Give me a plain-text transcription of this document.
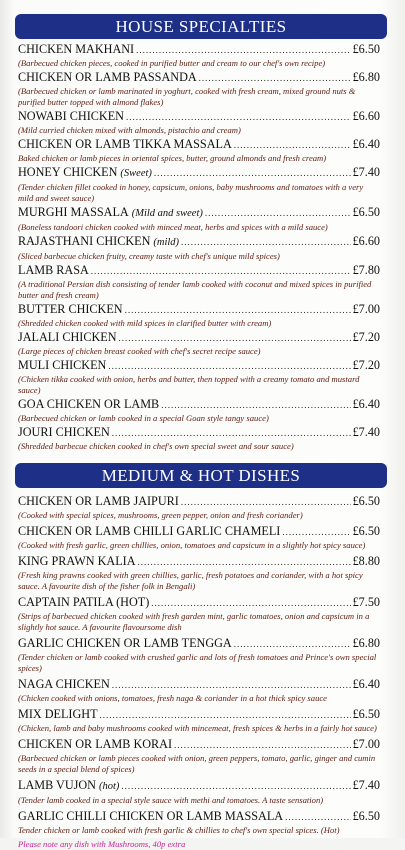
HOUSE SPECIALTIES
CHICKEN MAKHANI .....	£6.50
(Barbecued chicken pieces, cooked in purified butter and cream to our chef's own recipe)
CHICKEN OR LAMB PASSANDA .....	£6.80
(Barbecued chicken or lamb marinated in yoghurt, cooked with fresh cream, mixed ground nuts & purified butter topped with almond flakes)
NOWABI CHICKEN .....	£6.60
(Mild curried chicken mixed with almonds, pistachio and cream)
CHICKEN OR LAMB TIKKA MASSALA .....	£6.40
Baked chicken or lamb pieces in oriental spices, butter, ground almonds and fresh cream)
HONEY CHICKEN (Sweet) .....	£7.40
(Tender chicken fillet cooked in honey, capsicum, onions, baby mushrooms and tomatoes with a very mild and sweet sauce)
MURGHI MASSALA (Mild and sweet) .....	£6.50
(Boneless tandoori chicken cooked with minced meat, herbs and spices with a mild sauce)
RAJASTHANI CHICKEN (mild) .....	£6.60
(Sliced barbecue chicken fruity, creamy taste with chef's unique mild spices)
LAMB RASA .....	£7.80
(A traditional Persian dish consisting of tender lamb cooked with coconut and mixed spices in purified butter and fresh cream)
BUTTER CHICKEN .....	£7.00
(Shredded chicken cooked with mild spices in clarified butter with cream)
JALALI CHICKEN .....	£7.20
(Large pieces of chicken breast cooked with chef's secret recipe sauce)
MULI CHICKEN .....	£7.20
(Chicken tikka cooked with onion, herbs and butter, then topped with a creamy tomato and mustard sauce)
GOA CHICKEN OR LAMB .....	£6.40
(Barbecued chicken or lamb cooked in a special Goan style tangy sauce)
JOURI CHICKEN .....	£7.40
(Shredded barbecue chicken cooked in chef's own special sweet and sour sauce)
MEDIUM & HOT DISHES
CHICKEN OR LAMB JAIPURI .....	£6.50
(Cooked with special spices, mushrooms, green pepper, onion and fresh coriander)
CHICKEN OR LAMB CHILLI GARLIC CHAMELI .....	£6.50
(Cooked with fresh garlic, green chillies, onion, tomatoes and capsicum in a slightly hot spicy sauce)
KING PRAWN KALIA .....	£8.80
(Fresh king prawns cooked with green chillies, garlic, fresh potatoes and coriander, with a hot spicy sauce. A favourite dish of the fisher folk in Bengali)
CAPTAIN PATILA (HOT) .....	£7.50
(Strips of barbecued chicken cooked with fresh garden mint, garlic tomatoes, onion and capsicum in a slightly hot sauce. A favourite flavoursome dish
GARLIC CHICKEN OR LAMB TENGGA .....	£6.80
(Tender chicken or lamb cooked with crushed garlic and lots of fresh tomatoes and Prince's own special spices)
NAGA CHICKEN .....	£6.40
(Chicken cooked with onions, tomatoes, fresh naga & coriander in a hot thick spicy sauce
MIX DELIGHT .....	£6.50
(Chicken, lamb and baby mushrooms cooked with mincemeat, fresh spices & herbs in a fairly hot sauce)
CHICKEN OR LAMB KORAI .....	£7.00
(Barbecued chicken or lamb pieces cooked with onion, green peppers, tomato, garlic, ginger and cumin seeds in a special blend of spices)
LAMB VUJON (hot) .....	£7.40
(Tender lamb cooked in a special style sauce with methi and tomatoes. A taste sensation)
GARLIC CHILLI CHICKEN OR LAMB MASSALA .....	£6.50
Tender chicken or lamb cooked with fresh garlic & chillies to chef's own special spices. (Hot)
Please note any dish with Mushrooms, 40p extra
